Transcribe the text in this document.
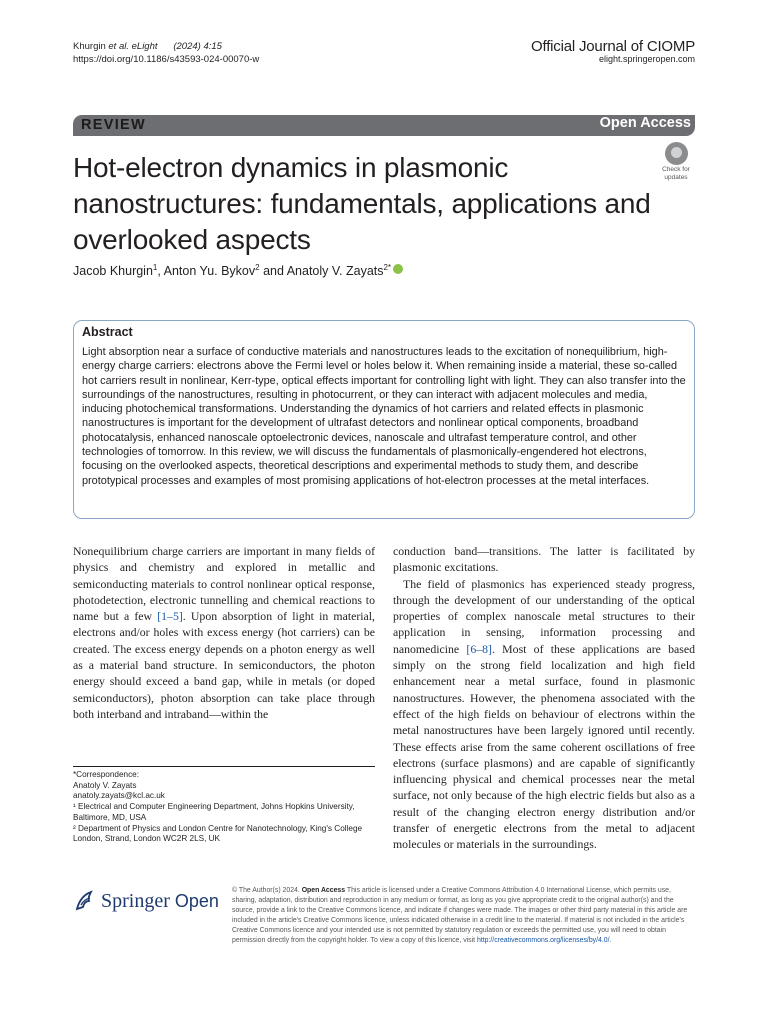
Khurgin et al. eLight (2024) 4:15
https://doi.org/10.1186/s43593-024-00070-w
Official Journal of CIOMP
elight.springeropen.com
REVIEW	Open Access
Hot-electron dynamics in plasmonic nanostructures: fundamentals, applications and overlooked aspects
Check for
updates
Jacob Khurgin$^1$, Anton Yu. Bykov$^2$ and Anatoly V. Zayats$^{2*}$
Abstract
Light absorption near a surface of conductive materials and nanostructures leads to the excitation of nonequilibrium, high-energy charge carriers: electrons above the Fermi level or holes below it. When remaining inside a material, these so-called hot carriers result in nonlinear, Kerr-type, optical effects important for controlling light with light. They can also transfer into the surroundings of the nanostructures, resulting in photocurrent, or they can interact with adjacent molecules and media, inducing photochemical transformations. Understanding the dynamics of hot carriers and related effects in plasmonic nanostructures is important for the development of ultrafast detectors and nonlinear optical components, broadband photocatalysis, enhanced nanoscale optoelectronic devices, nanoscale and ultrafast temperature control, and other technologies of tomorrow. In this review, we will discuss the fundamentals of plasmonically-engendered hot electrons, focusing on the overlooked aspects, theoretical descriptions and experimental methods to study them, and describe prototypical processes and examples of most promising applications of hot-electron processes at the metal interfaces.

Nonequilibrium charge carriers are important in many fields of physics and chemistry and explored in metallic and semiconducting materials to control nonlinear optical response, photodetection, electronic tunnelling and chemical reactions to name but a few [1–5]. Upon absorption of light in material, electrons and/or holes with excess energy (hot carriers) can be created. The excess energy depends on a photon energy as well as a material band structure. In semiconductors, the photon energy should exceed a band gap, while in metals (or doped semiconductors), photon absorption can take place through both interband and intraband—within the

conduction band—transitions. The latter is facilitated by plasmonic excitations.

The field of plasmonics has experienced steady progress, through the development of our understanding of the optical properties of complex nanoscale metal structures to their application in sensing, information processing and nanomedicine [6–8]. Most of these applications are based simply on the strong field localization and high field enhancement near a metal surface, found in plasmonic nanostructures. However, the phenomena associated with the effect of the high fields on behaviour of electrons within the metal nanostructures have been largely ignored until recently. These effects arise from the same coherent oscillations of free electrons (surface plasmons) and are capable of significantly influencing physical and chemical processes near the metal surface, not only because of the high electric fields but also as a result of the changing electron energy distribution and/or transfer of energetic electrons from the metal to adjacent molecules or materials in the surroundings.

*Correspondence:
Anatoly V. Zayats
anatoly.zayats@kcl.ac.uk
¹ Electrical and Computer Engineering Department, Johns Hopkins University, Baltimore, MD, USA
² Department of Physics and London Centre for Nanotechnology, King's College London, Strand, London WC2R 2LS, UK
Springer Open
© The Author(s) 2024. Open Access This article is licensed under a Creative Commons Attribution 4.0 International License, which permits use, sharing, adaptation, distribution and reproduction in any medium or format, as long as you give appropriate credit to the original author(s) and the source, provide a link to the Creative Commons licence, and indicate if changes were made. The images or other third party material in this article are included in the article's Creative Commons licence, unless indicated otherwise in a credit line to the material. If material is not included in the article's Creative Commons licence and your intended use is not permitted by statutory regulation or exceeds the permitted use, you will need to obtain permission directly from the copyright holder. To view a copy of this licence, visit http://creativecommons.org/licenses/by/4.0/.
